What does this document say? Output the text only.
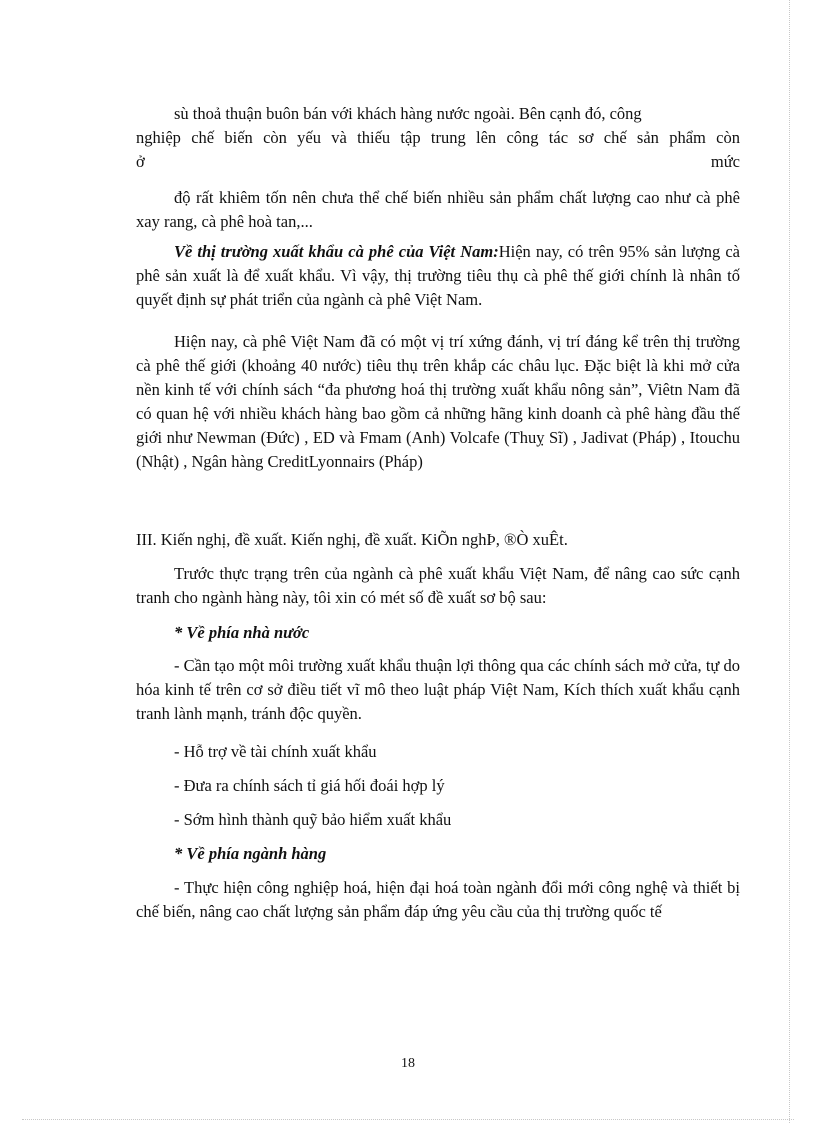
sù thoả thuận buôn bán với khách hàng nước ngoài. Bên cạnh đó, công

nghiệp chế biến còn yếu và thiếu tập trung lên công tác sơ chế sản phẩm còn

ở	mức

độ rất khiêm tốn nên chưa thể chế biến nhiều sản phẩm chất lượng cao như cà phê xay rang, cà phê hoà tan,...

Về thị trường xuất khẩu cà phê của Việt Nam:Hiện nay, có trên 95% sản lượng cà phê sản xuất là để xuất khẩu. Vì vậy, thị trường tiêu thụ cà phê thế giới chính là nhân tố quyết định sự phát triển của ngành cà phê Việt Nam.

Hiện nay, cà phê Việt Nam đã có một vị trí xứng đánh, vị trí đáng kể trên thị trường cà phê thế giới (khoảng 40 nước) tiêu thụ trên khắp các châu lục. Đặc biệt là khi mở cửa nền kinh tế với chính sách “đa phương hoá thị trường xuất khẩu nông sản”, Viêtn Nam đã có quan hệ với nhiều khách hàng bao gồm cả những hãng kinh doanh cà phê hàng đầu thế giới như Newman (Đức) , ED và Fmam (Anh) Volcafe (Thuỵ Sĩ) , Jadivat (Pháp) , Itouchu (Nhật) , Ngân hàng CreditLyonnairs (Pháp)

III. Kiến nghị, đề xuất. Kiến nghị, đề xuất. KiÕn nghÞ, ®Ò xuÊt.

Trước thực trạng trên của ngành cà phê xuất khẩu Việt Nam, để nâng cao sức cạnh tranh cho ngành hàng này, tôi xin có mét số đề xuất sơ bộ sau:

* Về phía nhà nước

- Cần tạo một môi trường xuất khẩu thuận lợi thông qua các chính sách mở cửa, tự do hóa kinh tế trên cơ sở điều tiết vĩ mô theo luật pháp Việt Nam, Kích thích xuất khẩu cạnh tranh lành mạnh, tránh độc quyền.

- Hỗ trợ về tài chính xuất khẩu

- Đưa ra chính sách tỉ giá hối đoái hợp lý

- Sớm hình thành quỹ bảo hiểm xuất khẩu

* Về phía ngành hàng

- Thực hiện công nghiệp hoá, hiện đại hoá toàn ngành đổi mới công nghệ và thiết bị chế biến, nâng cao chất lượng sản phẩm đáp ứng yêu cầu của thị trường quốc tế

18
